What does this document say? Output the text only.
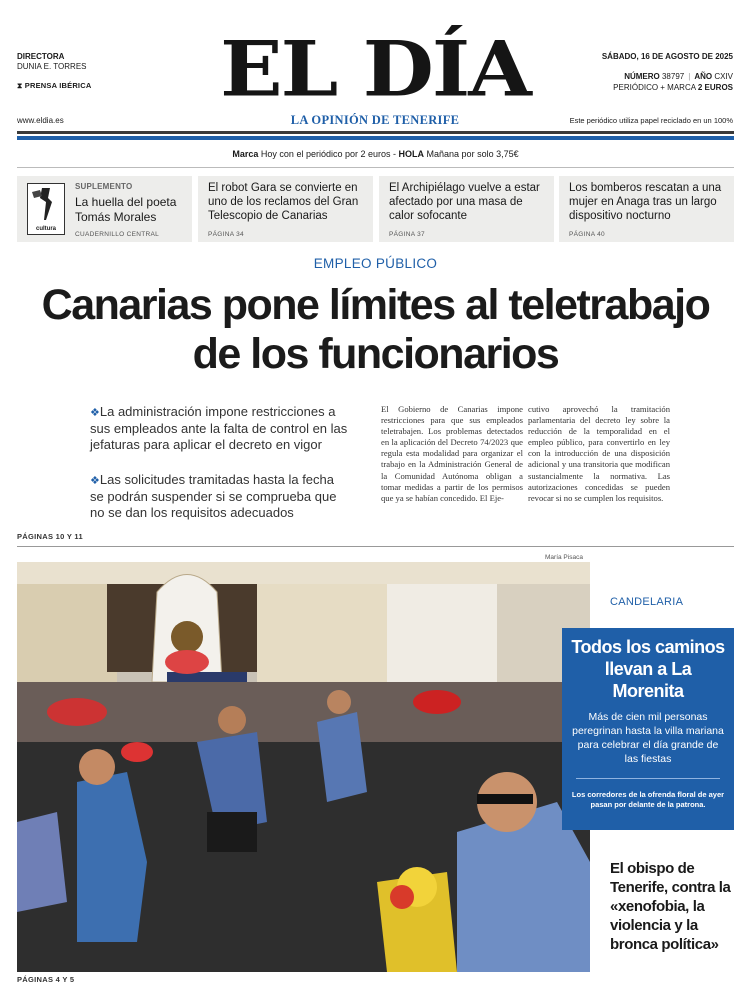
DIRECTORA
DUNIA E. TORRES
⧗ PRENSA IBÉRICA
www.eldia.es
EL DÍA
LA OPINIÓN DE TENERIFE
SÁBADO, 16 DE AGOSTO DE 2025
NÚMERO 38797 | AÑO CXIV
PERIÓDICO + MARCA 2 EUROS
Este periódico utiliza papel reciclado en un 100%
Marca Hoy con el periódico por 2 euros - HOLA Mañana por solo 3,75€
cultura
SUPLEMENTO
La huella del poeta Tomás Morales
CUADERNILLO CENTRAL
El robot Gara se convierte en uno de los reclamos del Gran Telescopio de Canarias
PÁGINA 34
El Archipiélago vuelve a estar afectado por una masa de calor sofocante
PÁGINA 37
Los bomberos rescatan a una mujer en Anaga tras un largo dispositivo nocturno
PÁGINA 40
EMPLEO PÚBLICO
Canarias pone límites al teletrabajo de los funcionarios
❖La administración impone restricciones a sus empleados ante la falta de control en las jefaturas para aplicar el decreto en vigor
❖Las solicitudes tramitadas hasta la fecha se podrán suspender si se comprueba que no se dan los requisitos adecuados
El Gobierno de Canarias impone restricciones para que sus empleados teletrabajen. Los problemas detectados en la aplicación del Decreto 74/2023 que regula esta modalidad para organizar el trabajo en la Administración General de la Comunidad Autónoma obligan a tomar medidas a partir de los permisos que ya se habían concedido. El Eje-
cutivo aprovechó la tramitación parlamentaria del decreto ley sobre la reducción de la temporalidad en el empleo público, para convertirlo en ley con la introducción de una disposición adicional y una transitoria que modifican sustancialmente la normativa. Las autorizaciones concedidas se pueden revocar si no se cumplen los requisitos.
PÁGINAS 10 Y 11
María Pisaca
PÁGINAS 4 Y 5
CANDELARIA
Todos los caminos llevan a La Morenita
Más de cien mil personas peregrinan hasta la villa mariana para celebrar el día grande de las fiestas
Los corredores de la ofrenda floral de ayer pasan por delante de la patrona.
El obispo de Tenerife, contra la «xenofobia, la violencia y la bronca política»
